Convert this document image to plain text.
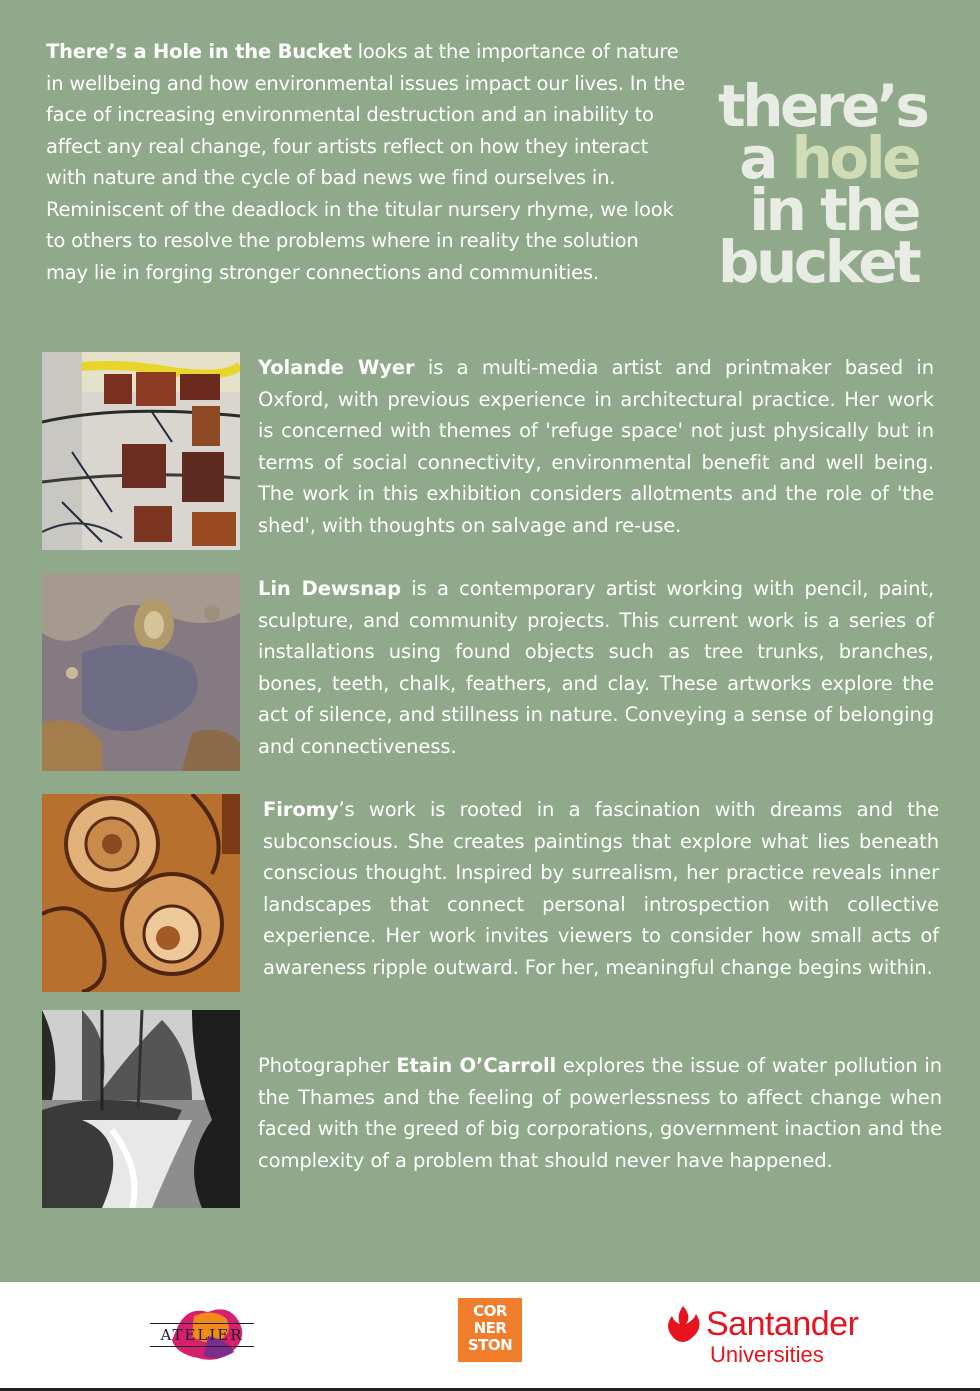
There’s a Hole in the Bucket looks at the importance of nature in wellbeing and how environmental issues impact our lives. In the face of increasing environmental destruction and an inability to affect any real change, four artists reflect on how they interact with nature and the cycle of bad news we find ourselves in. Reminiscent of the deadlock in the titular nursery rhyme, we look to others to resolve the problems where in reality the solution may lie in forging stronger connections and communities.
there’s
a hole
in the
bucket
Yolande Wyer is a multi-media artist and printmaker based in Oxford, with previous experience in architectural practice. Her work is concerned with themes of 'refuge space' not just physically but in terms of social connectivity, environmental benefit and well being. The work in this exhibition considers allotments and the role of 'the shed', with thoughts on salvage and re-use.
Lin Dewsnap is a contemporary artist working with pencil, paint, sculpture, and community projects. This current work is a series of installations using found objects such as tree trunks, branches, bones, teeth, chalk, feathers, and clay. These artworks explore the act of silence, and stillness in nature. Conveying a sense of belonging and connectiveness.
Firomy’s work is rooted in a fascination with dreams and the subconscious. She creates paintings that explore what lies beneath conscious thought. Inspired by surrealism, her practice reveals inner landscapes that connect personal introspection with collective experience. Her work invites viewers to consider how small acts of awareness ripple outward. For her, meaningful change begins within.
Photographer Etain O’Carroll explores the issue of water pollution in the Thames and the feeling of powerlessness to affect change when faced with the greed of big corporations, government inaction and the complexity of a problem that should never have happened.
ATELIER
COR
NER
STON
Santander
Universities
